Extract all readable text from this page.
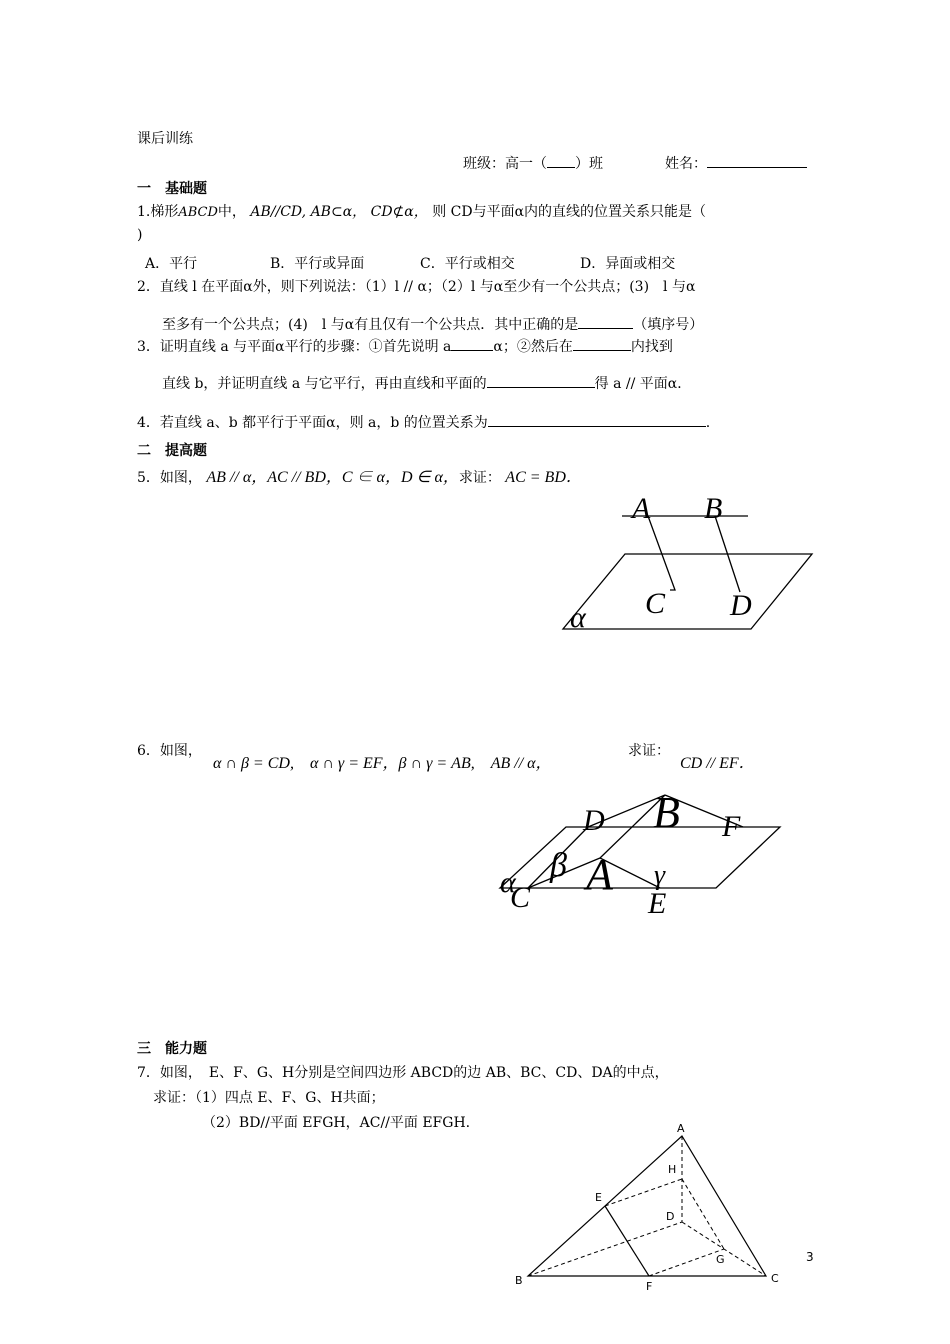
课后训练
班级：高一（ ）班	姓名：
一　基础题
1.梯形ABCD中， AB//CD, AB⊂α， CD⊄α， 则 CD与平面α内的直线的位置关系只能是（
)
A．平行	B．平行或异面	C．平行或相交	D．异面或相交
2．直线 l 在平面α外，则下列说法：（1）l // α；（2）l 与α至少有一个公共点；(3)　l 与α
至多有一个公共点；(4)　l 与α有且仅有一个公共点．其中正确的是	（填序号）
3．证明直线 a 与平面α平行的步骤：①首先说明 a	α；②然后在	内找到
直线 b，并证明直线 a 与它平行，再由直线和平面的	得 a // 平面α．
4．若直线 a、b 都平行于平面α，则 a，b 的位置关系为	.
二　提高题
5．如图， AB // α，AC // BD，C ∈ α，D ∈ α，求证： AC = BD．
A B
C D
α
6．如图，
α ∩ β = CD,　α ∩ γ = EF，β ∩ γ = AB,　AB // α，
求证：
CD // EF．
D B F
α β A γ
C	E
三　能力题
7．如图，　E、F、G、H分别是空间四边形 ABCD的边 AB、BC、CD、DA的中点，
求证：（1）四点 E、F、G、H共面；
（2）BD//平面 EFGH，AC//平面 EFGH.	A
H
E
D
G
B	F
C
3
